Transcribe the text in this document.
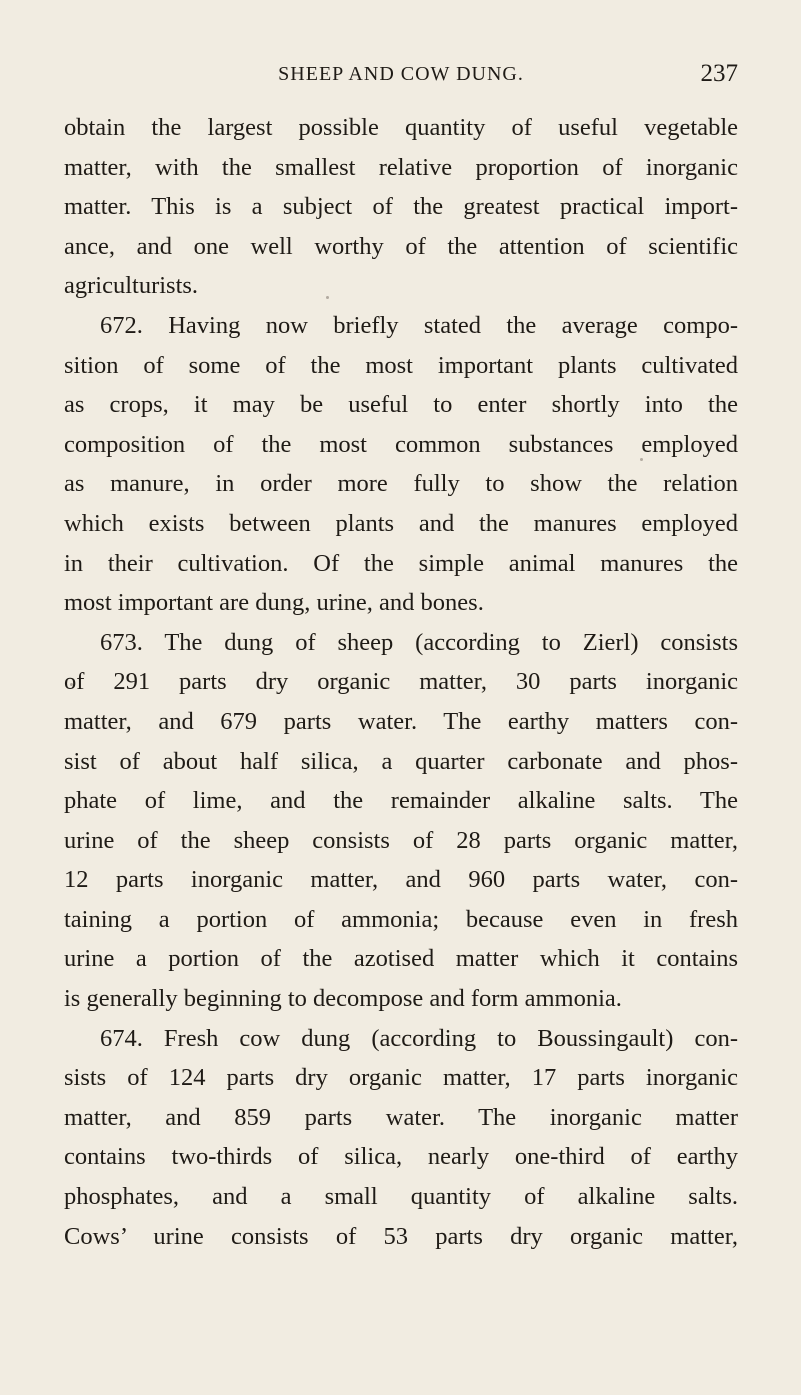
SHEEP AND COW DUNG.	237
obtain the largest possible quantity of useful vegetable
matter, with the smallest relative proportion of inorganic
matter. This is a subject of the greatest practical import-
ance, and one well worthy of the attention of scientific
agriculturists.
672. Having now briefly stated the average compo-
sition of some of the most important plants cultivated
as crops, it may be useful to enter shortly into the
composition of the most common substances employed
as manure, in order more fully to show the relation
which exists between plants and the manures employed
in their cultivation. Of the simple animal manures the
most important are dung, urine, and bones.
673. The dung of sheep (according to Zierl) consists
of 291 parts dry organic matter, 30 parts inorganic
matter, and 679 parts water. The earthy matters con-
sist of about half silica, a quarter carbonate and phos-
phate of lime, and the remainder alkaline salts. The
urine of the sheep consists of 28 parts organic matter,
12 parts inorganic matter, and 960 parts water, con-
taining a portion of ammonia; because even in fresh
urine a portion of the azotised matter which it contains
is generally beginning to decompose and form ammonia.
674. Fresh cow dung (according to Boussingault) con-
sists of 124 parts dry organic matter, 17 parts inorganic
matter, and 859 parts water. The inorganic matter
contains two-thirds of silica, nearly one-third of earthy
phosphates, and a small quantity of alkaline salts.
Cows’ urine consists of 53 parts dry organic matter,
